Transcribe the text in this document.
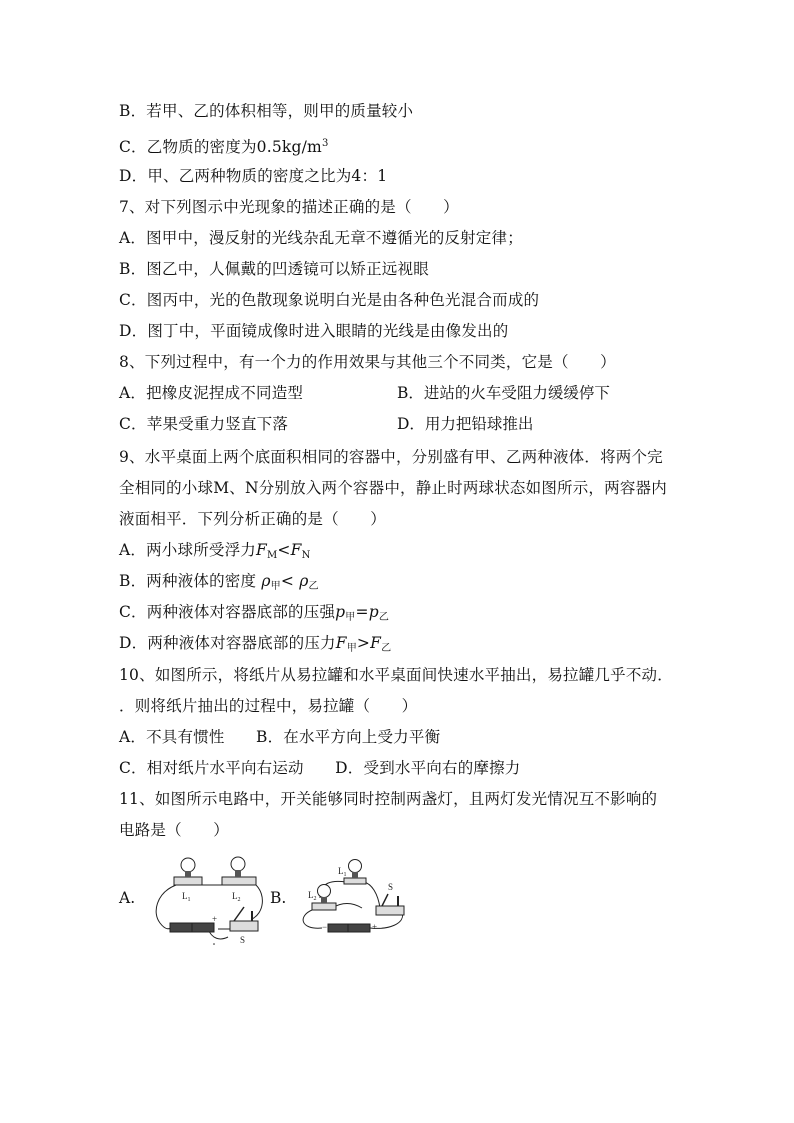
B．若甲、乙的体积相等，则甲的质量较小
C．乙物质的密度为$0.5kg/m^3$
D．甲、乙两种物质的密度之比为4：1
7、对下列图示中光现象的描述正确的是（　　）
A．图甲中，漫反射的光线杂乱无章不遵循光的反射定律；
B．图乙中，人佩戴的凹透镜可以矫正远视眼
C．图丙中，光的色散现象说明白光是由各种色光混合而成的
D．图丁中，平面镜成像时进入眼睛的光线是由像发出的
8、下列过程中，有一个力的作用效果与其他三个不同类，它是（　　）
A．把橡皮泥捏成不同造型	B．进站的火车受阻力缓缓停下
C．苹果受重力竖直下落	D．用力把铅球推出
9、水平桌面上两个底面积相同的容器中，分别盛有甲、乙两种液体．将两个完
全相同的小球M、N分别放入两个容器中，静止时两球状态如图所示，两容器内
液面相平．下列分析正确的是（　　）
A．两小球所受浮力$F_M<F_N$
B．两种液体的密度 $\rho_甲< \rho_乙$
C．两种液体对容器底部的压强$p_甲=p_乙$
D．两种液体对容器底部的压力$F_甲>F_乙$
10、如图所示，将纸片从易拉罐和水平桌面间快速水平抽出，易拉罐几乎不动．
．则将纸片抽出的过程中，易拉罐（　　）
A．不具有惯性　　B．在水平方向上受力平衡
C．相对纸片水平向右运动　　D．受到水平向右的摩擦力
11、如图所示电路中，开关能够同时控制两盏灯，且两灯发光情况互不影响的
电路是（　　）
A.	B.
$L_1$	$L_2$
S
+
$L_1$
$L_2$
S
−	+
